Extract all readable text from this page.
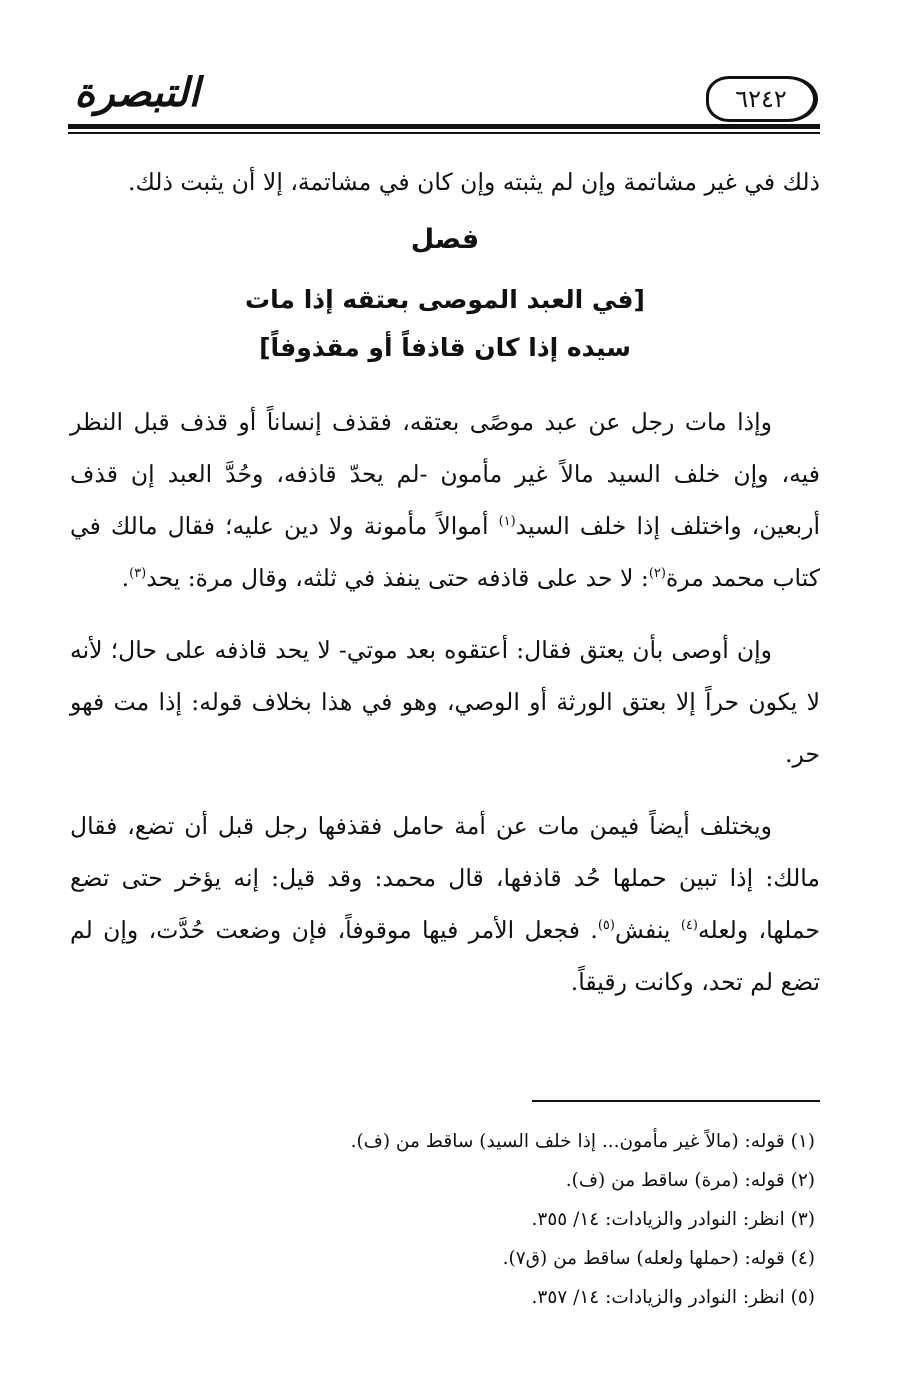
٦٢٤٢
التبصرة

ذلك في غير مشاتمة وإن لم يثبته وإن كان في مشاتمة، إلا أن يثبت ذلك.

فصل
[في العبد الموصى بعتقه إذا مات
سيده إذا كان قاذفاً أو مقذوفاً]

وإذا مات رجل عن عبد موصًى بعتقه، فقذف إنساناً أو قذف قبل النظر فيه، وإن خلف السيد مالاً غير مأمون -لم يحدّ قاذفه، وحُدَّ العبد إن قذف أربعين، واختلف إذا خلف السيد$^{(١)}$ أموالاً مأمونة ولا دين عليه؛ فقال مالك في كتاب محمد مرة$^{(٢)}$: لا حد على قاذفه حتى ينفذ في ثلثه، وقال مرة: يحد$^{(٣)}$.

وإن أوصى بأن يعتق فقال: أعتقوه بعد موتي- لا يحد قاذفه على حال؛ لأنه لا يكون حراً إلا بعتق الورثة أو الوصي، وهو في هذا بخلاف قوله: إذا مت فهو حر.

ويختلف أيضاً فيمن مات عن أمة حامل فقذفها رجل قبل أن تضع، فقال مالك: إذا تبين حملها حُد قاذفها، قال محمد: وقد قيل: إنه يؤخر حتى تضع حملها، ولعله$^{(٤)}$ ينفش$^{(٥)}$. فجعل الأمر فيها موقوفاً، فإن وضعت حُدَّت، وإن لم تضع لم تحد، وكانت رقيقاً.

(١) قوله: (مالاً غير مأمون... إذا خلف السيد) ساقط من (ف).
(٢) قوله: (مرة) ساقط من (ف).
(٣) انظر: النوادر والزيادات: ١٤/ ٣٥٥.
(٤) قوله: (حملها ولعله) ساقط من (ق٧).
(٥) انظر: النوادر والزيادات: ١٤/ ٣٥٧.
